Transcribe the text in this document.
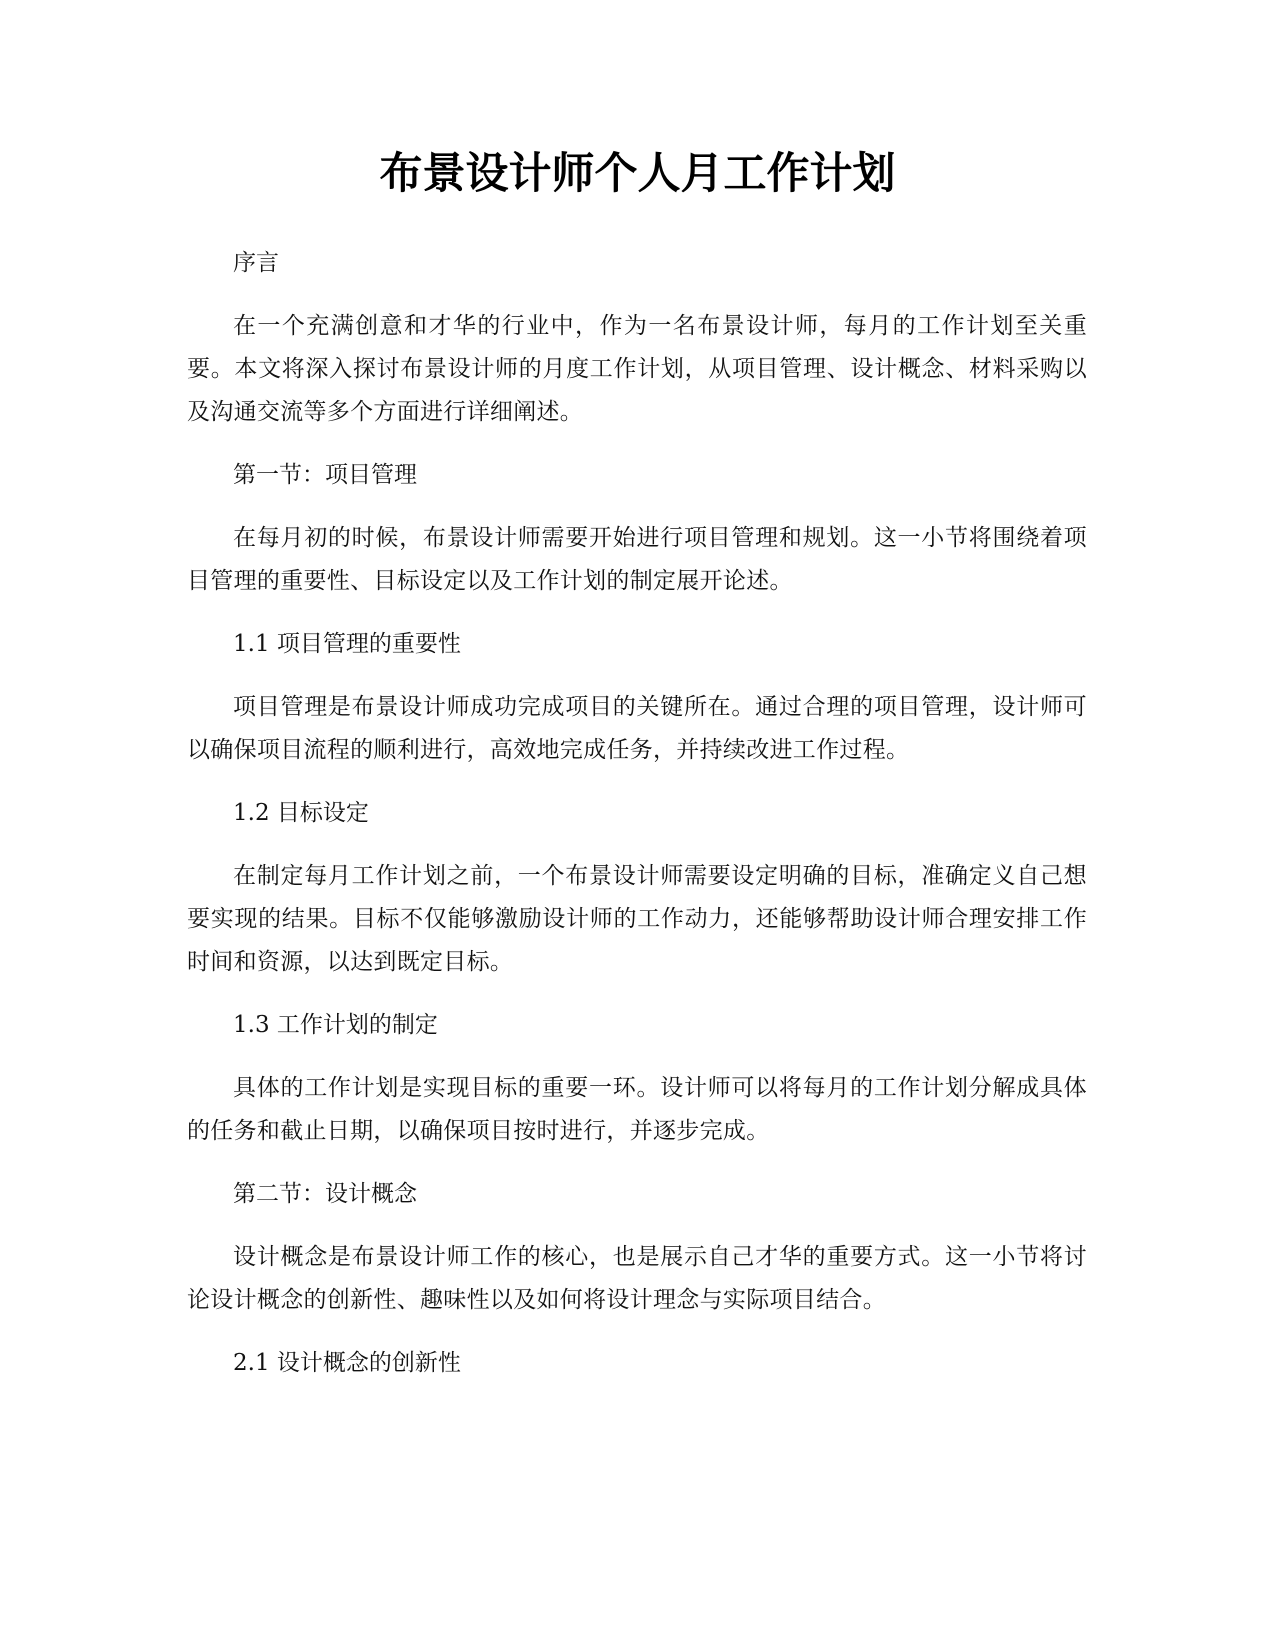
布景设计师个人月工作计划

序言

在一个充满创意和才华的行业中，作为一名布景设计师，每月的工作计划至关重要。本文将深入探讨布景设计师的月度工作计划，从项目管理、设计概念、材料采购以及沟通交流等多个方面进行详细阐述。

第一节：项目管理

在每月初的时候，布景设计师需要开始进行项目管理和规划。这一小节将围绕着项目管理的重要性、目标设定以及工作计划的制定展开论述。

1.1 项目管理的重要性

项目管理是布景设计师成功完成项目的关键所在。通过合理的项目管理，设计师可以确保项目流程的顺利进行，高效地完成任务，并持续改进工作过程。

1.2 目标设定

在制定每月工作计划之前，一个布景设计师需要设定明确的目标，准确定义自己想要实现的结果。目标不仅能够激励设计师的工作动力，还能够帮助设计师合理安排工作时间和资源，以达到既定目标。

1.3 工作计划的制定

具体的工作计划是实现目标的重要一环。设计师可以将每月的工作计划分解成具体的任务和截止日期，以确保项目按时进行，并逐步完成。

第二节：设计概念

设计概念是布景设计师工作的核心，也是展示自己才华的重要方式。这一小节将讨论设计概念的创新性、趣味性以及如何将设计理念与实际项目结合。

2.1 设计概念的创新性
